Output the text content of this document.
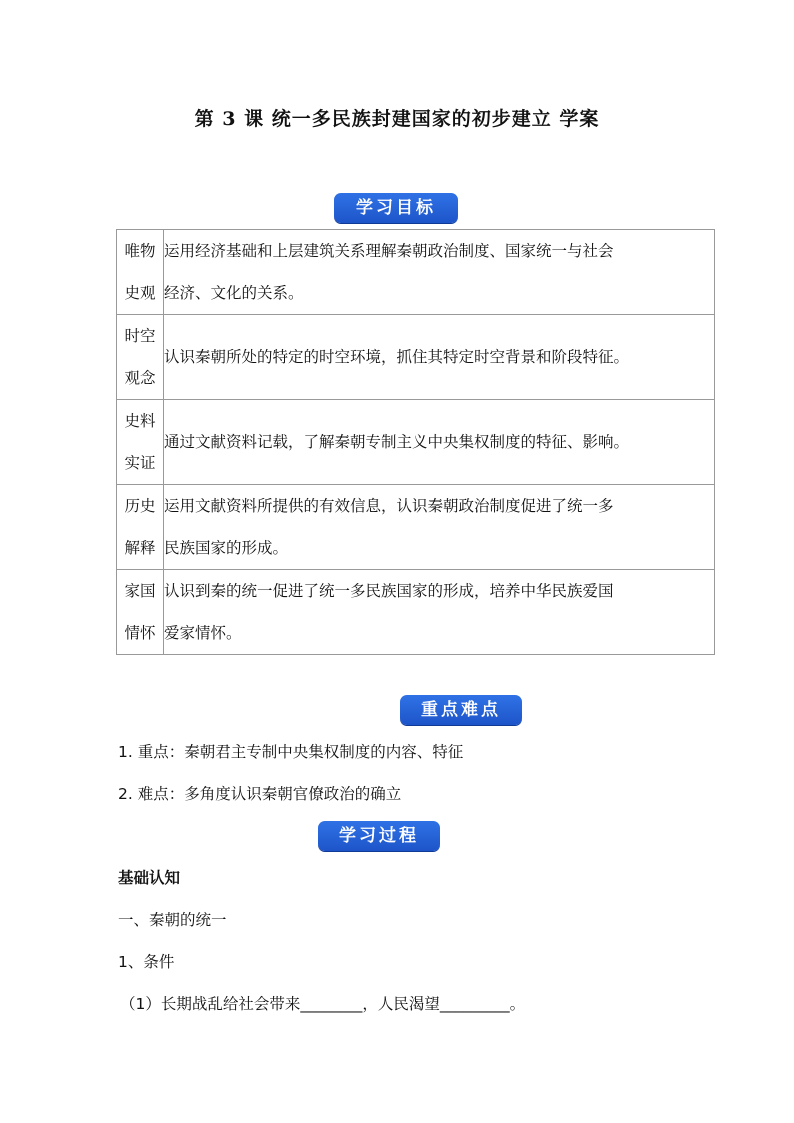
第 3 课 统一多民族封建国家的初步建立 学案
学习目标
唯物
史观	运用经济基础和上层建筑关系理解秦朝政治制度、国家统一与社会
经济、文化的关系。

时空
观念	认识秦朝所处的特定的时空环境，抓住其特定时空背景和阶段特征。

史料
实证	通过文献资料记载，了解秦朝专制主义中央集权制度的特征、影响。

历史
解释	运用文献资料所提供的有效信息，认识秦朝政治制度促进了统一多
民族国家的形成。

家国
情怀	认识到秦的统一促进了统一多民族国家的形成，培养中华民族爱国
爱家情怀。
重点难点
1. 重点：秦朝君主专制中央集权制度的内容、特征
2. 难点：多角度认识秦朝官僚政治的确立
学习过程
基础认知
一、秦朝的统一
1、条件
（1）长期战乱给社会带来________，人民渴望_________。
